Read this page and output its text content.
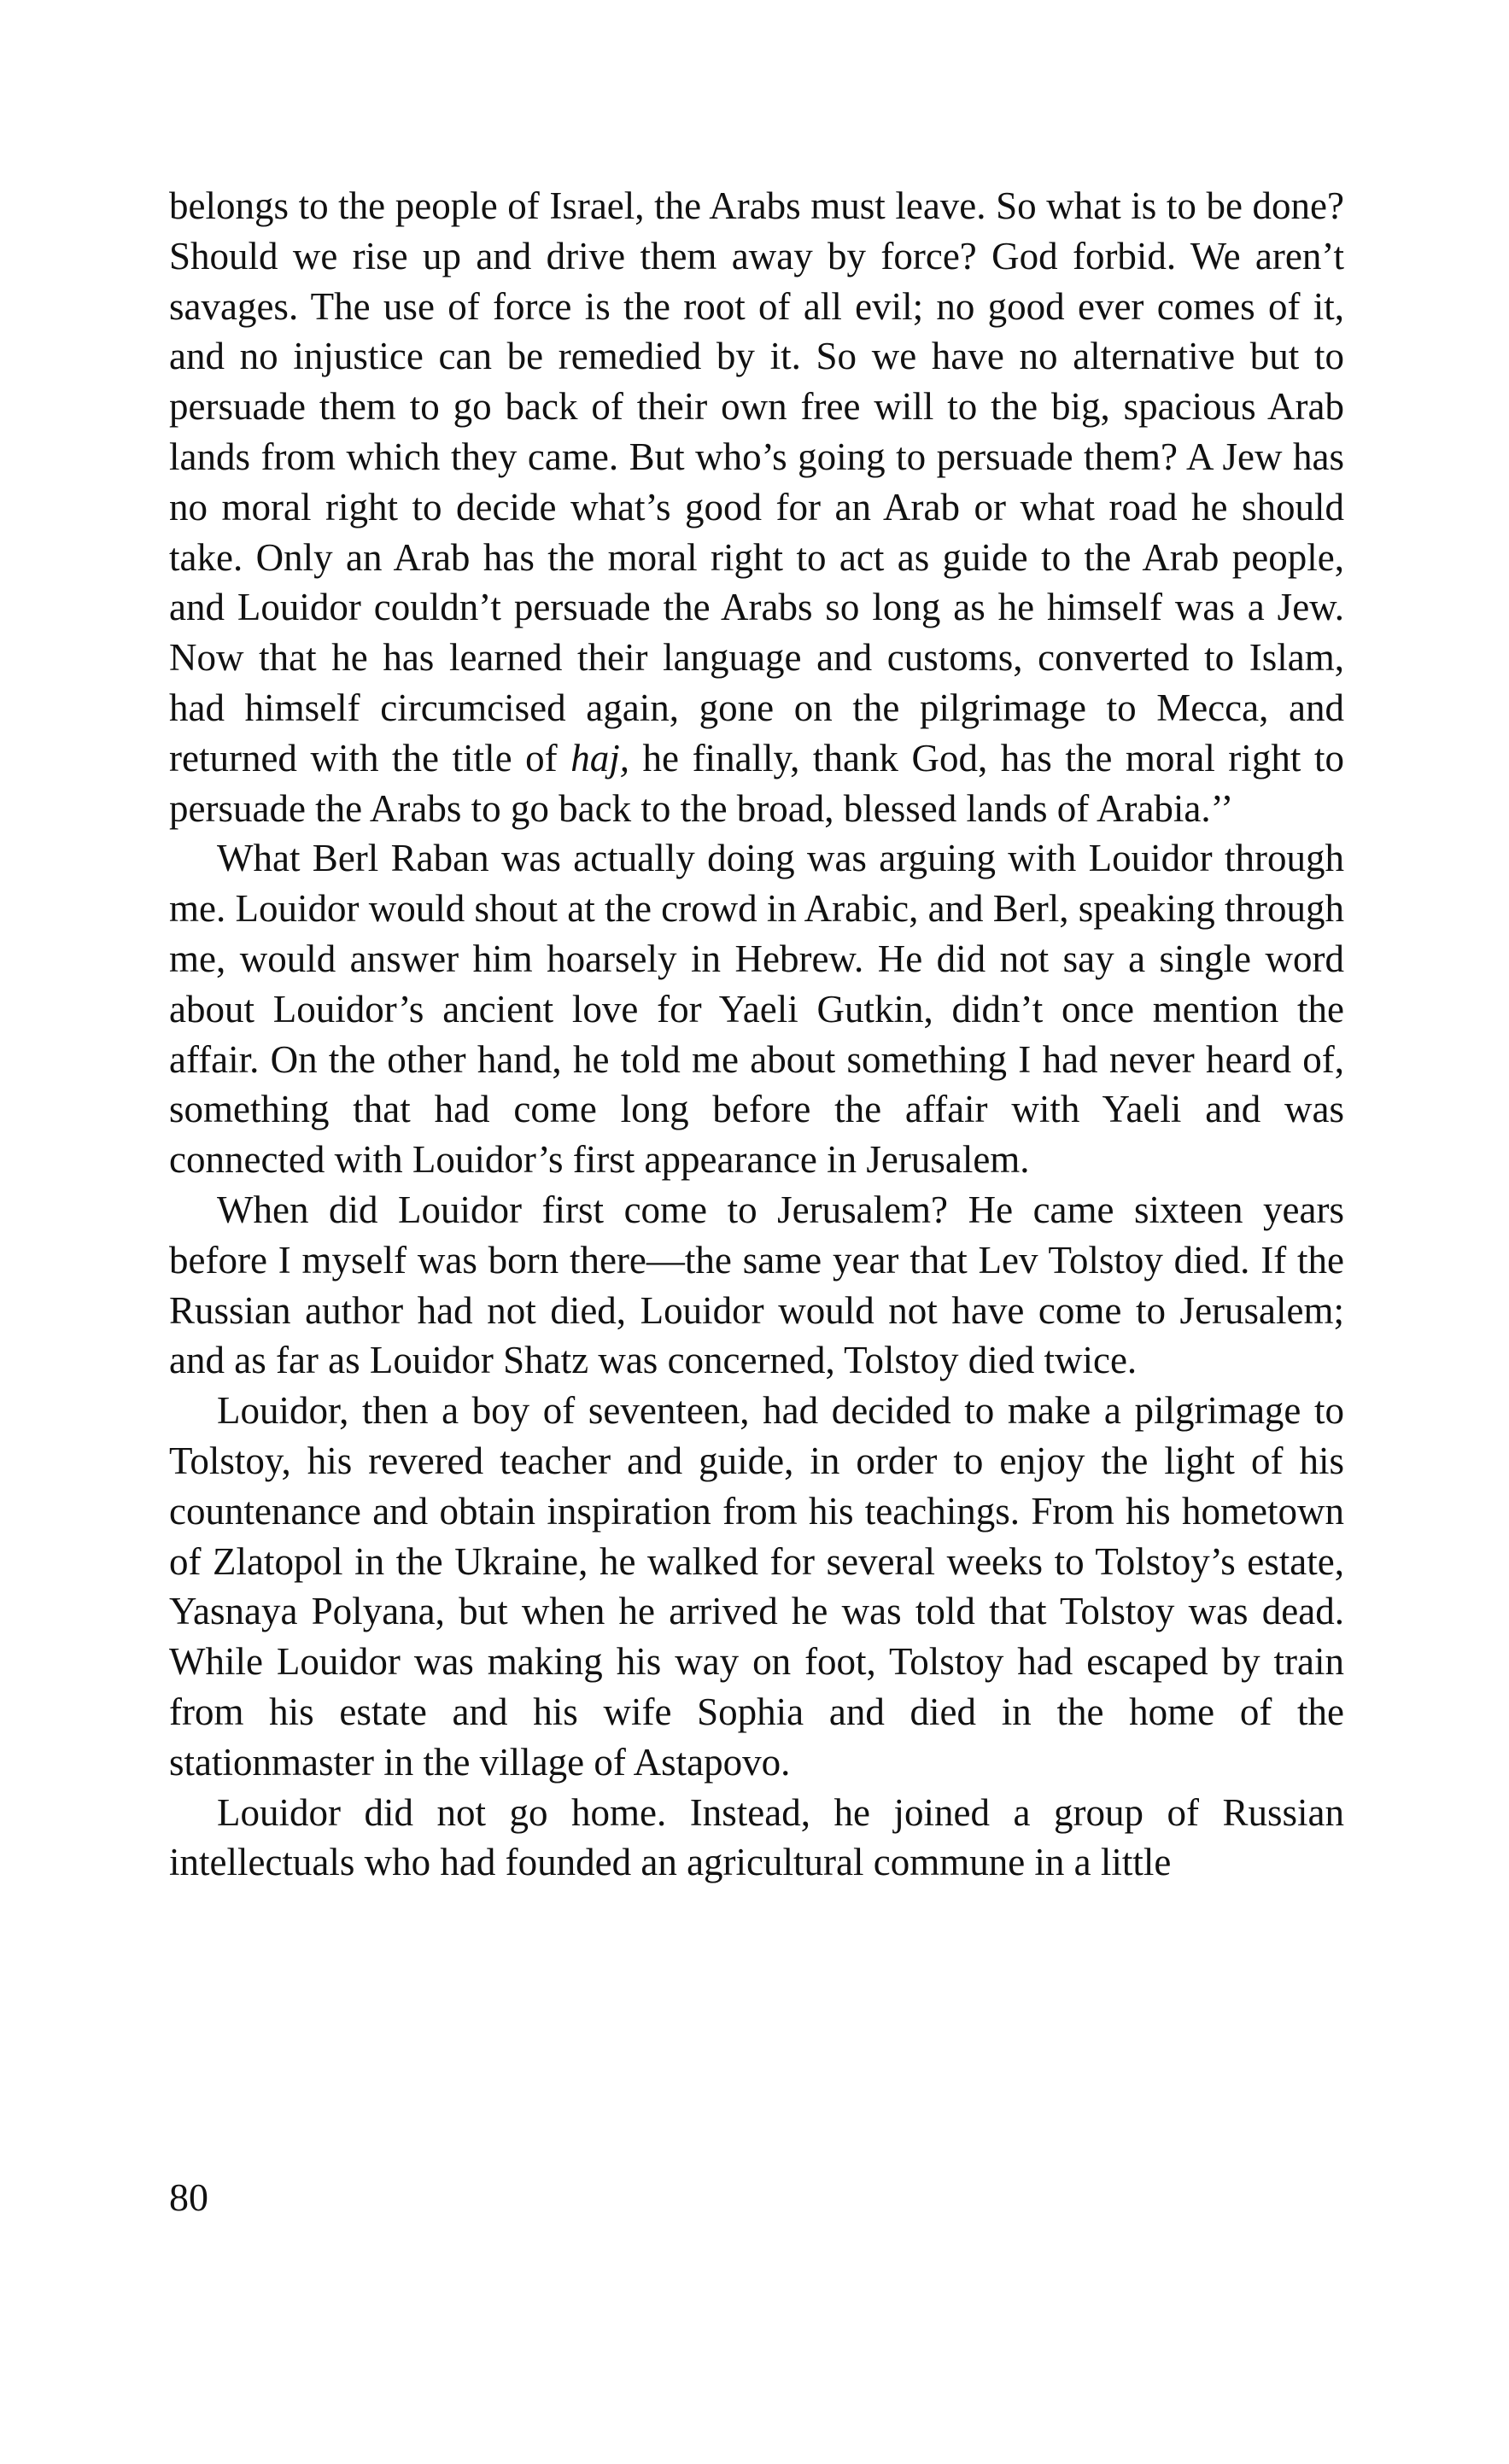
belongs to the people of Israel, the Arabs must leave. So what is to be done? Should we rise up and drive them away by force? God forbid. We aren’t savages. The use of force is the root of all evil; no good ever comes of it, and no injustice can be remedied by it. So we have no alternative but to persuade them to go back of their own free will to the big, spacious Arab lands from which they came. But who’s going to persuade them? A Jew has no moral right to decide what’s good for an Arab or what road he should take. Only an Arab has the moral right to act as guide to the Arab people, and Louidor couldn’t persuade the Arabs so long as he himself was a Jew. Now that he has learned their language and customs, converted to Islam, had himself circumcised again, gone on the pilgrimage to Mecca, and returned with the title of haj, he finally, thank God, has the moral right to persuade the Arabs to go back to the broad, blessed lands of Arabia.’’

What Berl Raban was actually doing was arguing with Louidor through me. Louidor would shout at the crowd in Arabic, and Berl, speaking through me, would answer him hoarsely in Hebrew. He did not say a single word about Louidor’s ancient love for Yaeli Gutkin, didn’t once mention the affair. On the other hand, he told me about something I had never heard of, something that had come long before the affair with Yaeli and was connected with Louidor’s first appearance in Jerusalem.

When did Louidor first come to Jerusalem? He came sixteen years before I myself was born there—the same year that Lev Tolstoy died. If the Russian author had not died, Louidor would not have come to Jerusalem; and as far as Louidor Shatz was concerned, Tolstoy died twice.

Louidor, then a boy of seventeen, had decided to make a pilgrimage to Tolstoy, his revered teacher and guide, in order to enjoy the light of his countenance and obtain inspiration from his teachings. From his hometown of Zlatopol in the Ukraine, he walked for several weeks to Tolstoy’s estate, Yasnaya Polyana, but when he arrived he was told that Tolstoy was dead. While Louidor was making his way on foot, Tolstoy had escaped by train from his estate and his wife Sophia and died in the home of the stationmaster in the village of Astapovo.

Louidor did not go home. Instead, he joined a group of Russian intellectuals who had founded an agricultural commune in a little

80
